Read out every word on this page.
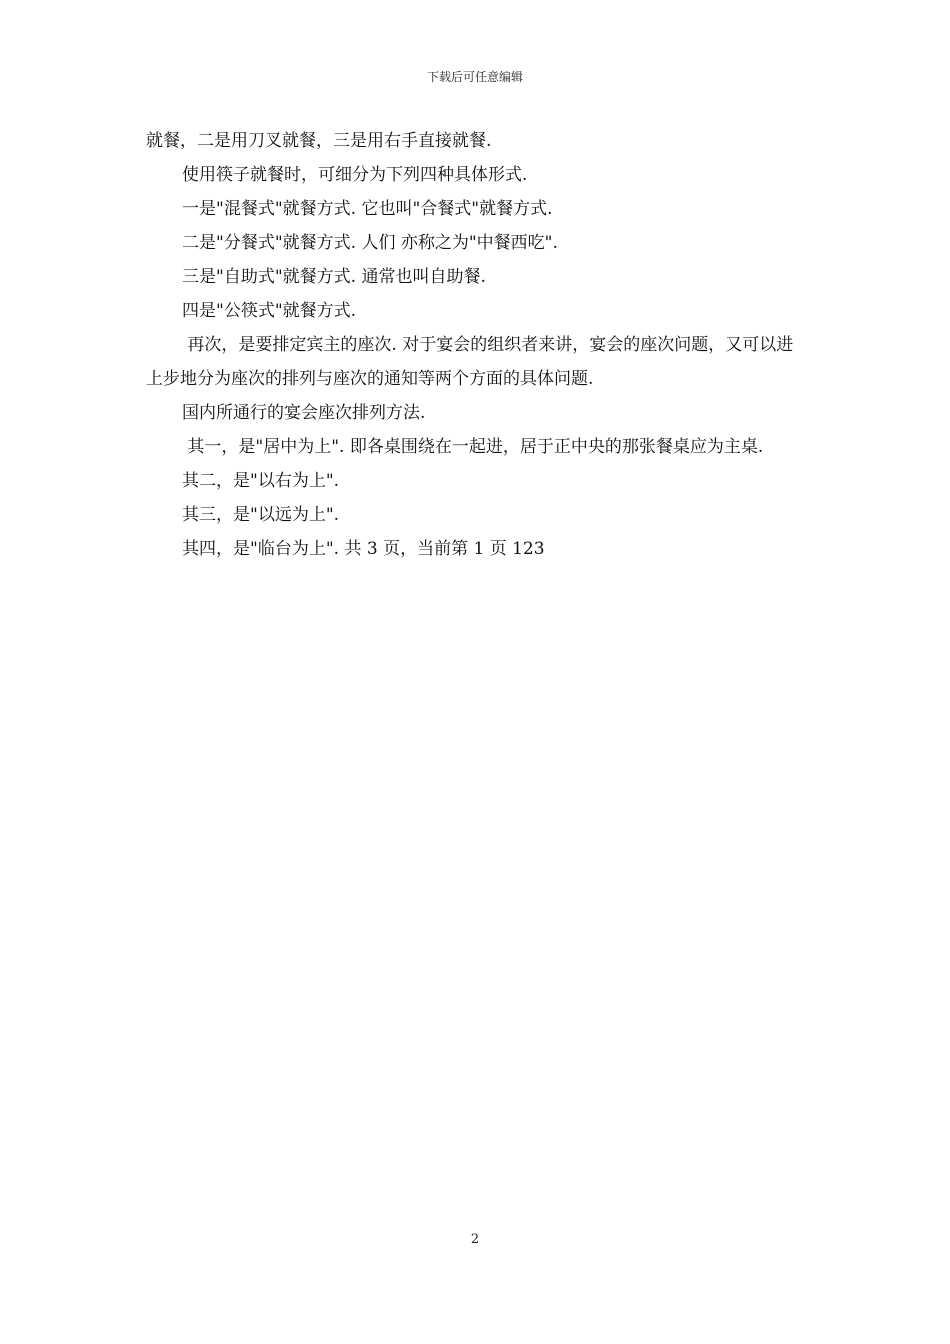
下载后可任意编辑

就餐，二是用刀叉就餐，三是用右手直接就餐.

使用筷子就餐时，可细分为下列四种具体形式.

一是"混餐式"就餐方式. 它也叫"合餐式"就餐方式.

二是"分餐式"就餐方式. 人们 亦称之为"中餐西吃".

三是"自助式"就餐方式. 通常也叫自助餐.

四是"公筷式"就餐方式.

再次，是要排定宾主的座次. 对于宴会的组织者来讲，宴会的座次问题，又可以进上步地分为座次的排列与座次的通知等两个方面的具体问题.

国内所通行的宴会座次排列方法.

其一，是"居中为上". 即各桌围绕在一起进，居于正中央的那张餐桌应为主桌.

其二，是"以右为上".

其三，是"以远为上".

其四，是"临台为上". 共 3 页，当前第 1 页 123

2
